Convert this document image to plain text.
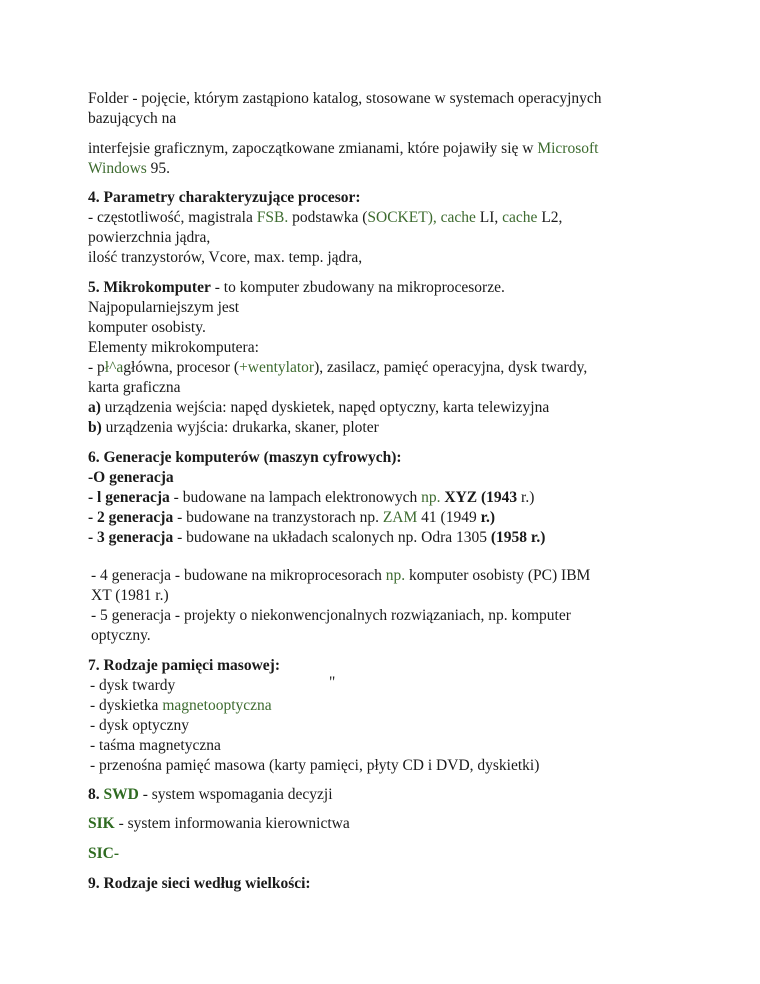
Folder - pojęcie, którym zastąpiono katalog, stosowane w systemach operacyjnych
bazujących na
interfejsie graficznym, zapoczątkowane zmianami, które pojawiły się w Microsoft
Windows 95.
4. Parametry charakteryzujące procesor:
- częstotliwość, magistrala FSB. podstawka (SOCKET), cache LI, cache L2,
powierzchnia jądra,
ilość tranzystorów, Vcore, max. temp. jądra,
5. Mikrokomputer - to komputer zbudowany na mikroprocesorze.
Najpopularniejszym jest
komputer osobisty.
Elementy mikrokomputera:
- pł^agłówna, procesor (+wentylator), zasilacz, pamięć operacyjna, dysk twardy,
karta graficzna
a) urządzenia wejścia: napęd dyskietek, napęd optyczny, karta telewizyjna
b) urządzenia wyjścia: drukarka, skaner, ploter
6. Generacje komputerów (maszyn cyfrowych):
-O generacja
- l generacja - budowane na lampach elektronowych np. XYZ (1943 r.)
- 2 generacja - budowane na tranzystorach np. ZAM 41 (1949 r.)
- 3 generacja - budowane na układach scalonych np. Odra 1305 (1958 r.)
- 4 generacja - budowane na mikroprocesorach np. komputer osobisty (PC) IBM
XT (1981 r.)
- 5 generacja - projekty o niekonwencjonalnych rozwiązaniach, np. komputer
optyczny.
7. Rodzaje pamięci masowej:
- dysk twardy	"
- dyskietka magnetooptyczna
- dysk optyczny
- taśma magnetyczna
- przenośna pamięć masowa (karty pamięci, płyty CD i DVD, dyskietki)
8. SWD - system wspomagania decyzji
SIK - system informowania kierownictwa
SIC-
9. Rodzaje sieci według wielkości:
